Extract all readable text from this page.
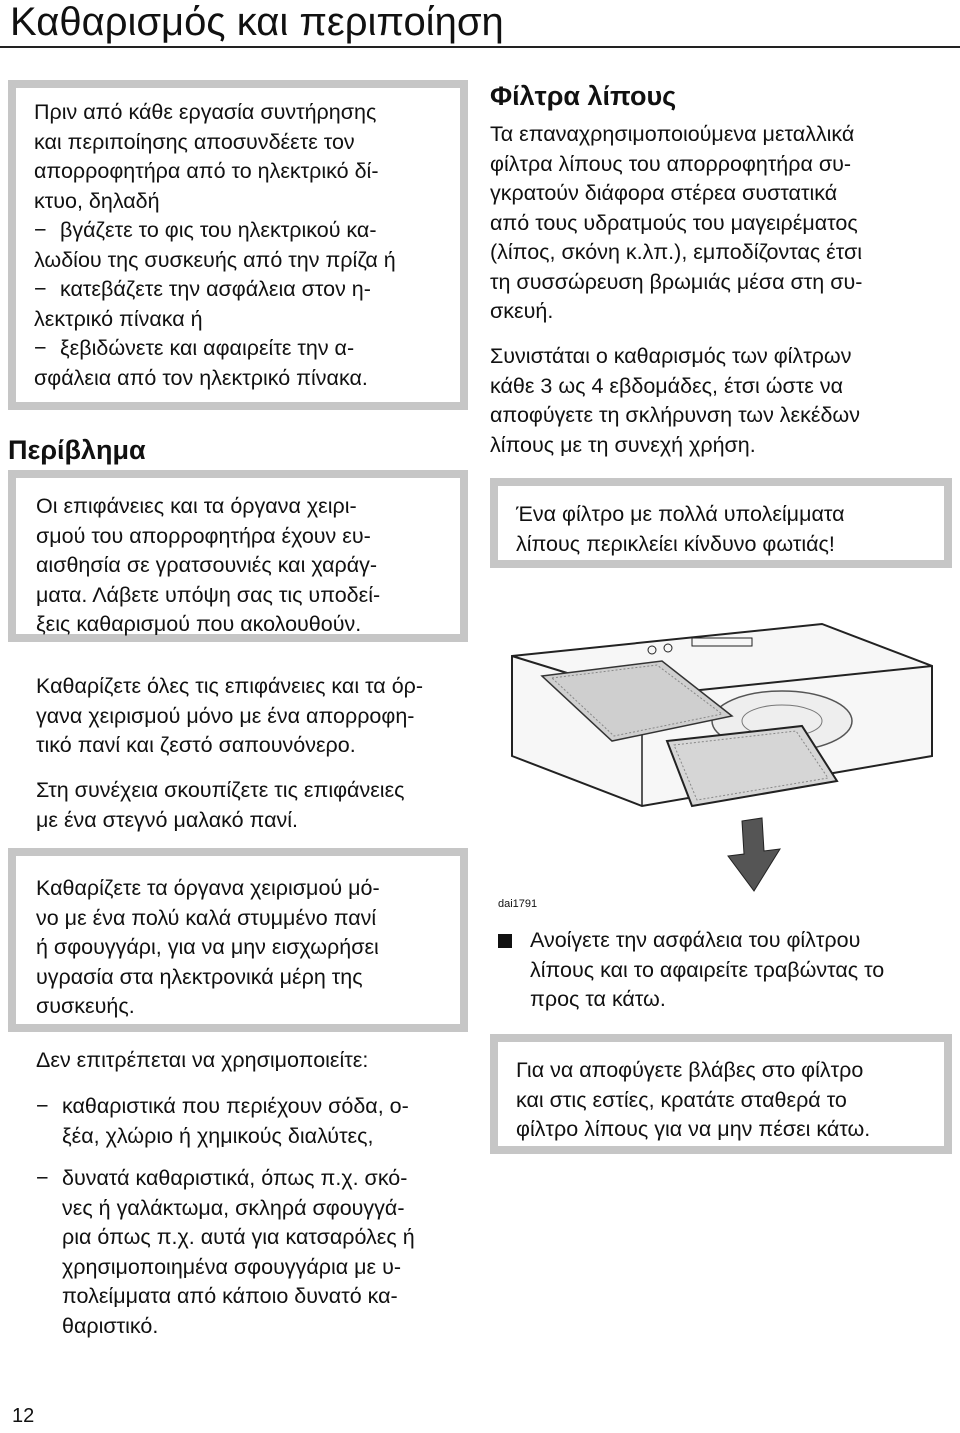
Καθαρισμός και περιποίηση

Πριν από κάθε εργασία συντήρησης

και περιποίησης αποσυνδέετε τον

απορροφητήρα από το ηλεκτρικό δί-

κτυο, δηλαδή

− βγάζετε το φις του ηλεκτρικού κα-

λωδίου της συσκευής από την πρίζα ή

− κατεβάζετε την ασφάλεια στον η-

λεκτρικό πίνακα ή

− ξεβιδώνετε και αφαιρείτε την α-

σφάλεια από τον ηλεκτρικό πίνακα.

Περίβλημα

Οι επιφάνειες και τα όργανα χειρι-

σμού του απορροφητήρα έχουν ευ-

αισθησία σε γρατσουνιές και χαράγ-

ματα. Λάβετε υπόψη σας τις υποδεί-

ξεις καθαρισμού που ακολουθούν.

Καθαρίζετε όλες τις επιφάνειες και τα όρ-

γανα χειρισμού μόνο με ένα απορροφη-

τικό πανί και ζεστό σαπουνόνερο.

Στη συνέχεια σκουπίζετε τις επιφάνειες

με ένα στεγνό μαλακό πανί.

Καθαρίζετε τα όργανα χειρισμού μό-

νο με ένα πολύ καλά στυμμένο πανί

ή σφουγγάρι, για να μην εισχωρήσει

υγρασία στα ηλεκτρονικά μέρη της

συσκευής.

Δεν επιτρέπεται να χρησιμοποιείτε:

− καθαριστικά που περιέχουν σόδα, ο-

ξέα, χλώριο ή χημικούς διαλύτες,

− δυνατά καθαριστικά, όπως π.χ. σκό-

νες ή γαλάκτωμα, σκληρά σφουγγά-

ρια όπως π.χ. αυτά για κατσαρόλες ή

χρησιμοποιημένα σφουγγάρια με υ-

πολείμματα από κάποιο δυνατό κα-

θαριστικό.

Φίλτρα λίπους

Τα επαναχρησιμοποιούμενα μεταλλικά

φίλτρα λίπους του απορροφητήρα συ-

γκρατούν διάφορα στέρεα συστατικά

από τους υδρατμούς του μαγειρέματος

(λίπος, σκόνη κ.λπ.), εμποδίζοντας έτσι

τη συσσώρευση βρωμιάς μέσα στη συ-

σκευή.

Συνιστάται ο καθαρισμός των φίλτρων

κάθε 3 ως 4 εβδομάδες, έτσι ώστε να

αποφύγετε τη σκλήρυνση των λεκέδων

λίπους με τη συνεχή χρήση.

Ένα φίλτρο με πολλά υπολείμματα

λίπους περικλείει κίνδυνο φωτιάς!

dai1791

Ανοίγετε την ασφάλεια του φίλτρου

λίπους και το αφαιρείτε τραβώντας το

προς τα κάτω.

Για να αποφύγετε βλάβες στο φίλτρο

και στις εστίες, κρατάτε σταθερά το

φίλτρο λίπους για να μην πέσει κάτω.

12
